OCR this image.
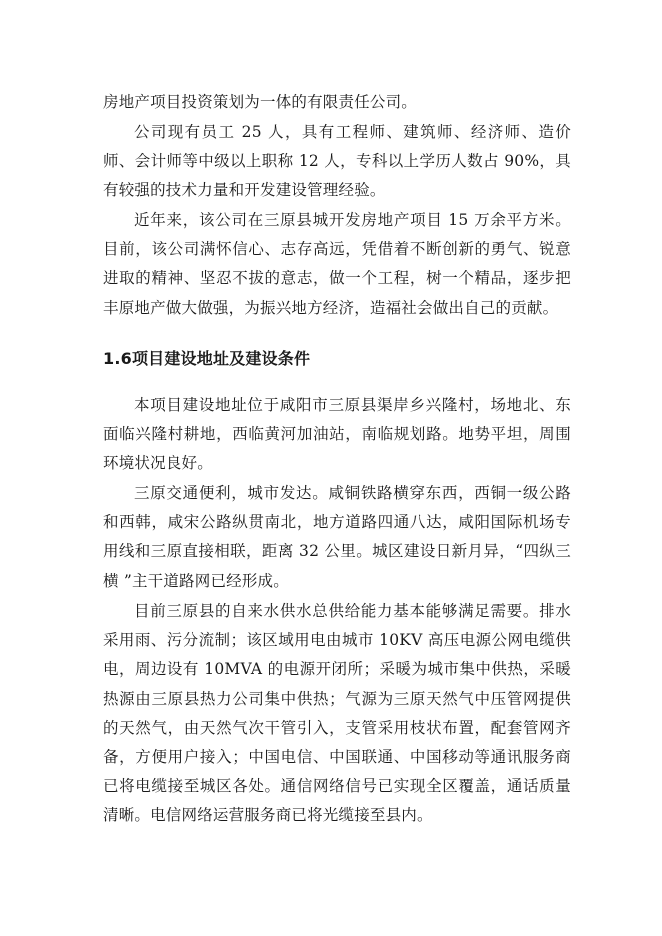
房地产项目投资策划为一体的有限责任公司。

公司现有员工 25 人，具有工程师、建筑师、经济师、造价师、会计师等中级以上职称 12 人，专科以上学历人数占 90%，具有较强的技术力量和开发建设管理经验。

近年来，该公司在三原县城开发房地产项目 15 万余平方米。目前，该公司满怀信心、志存高远，凭借着不断创新的勇气、锐意进取的精神、坚忍不拔的意志，做一个工程，树一个精品，逐步把丰原地产做大做强，为振兴地方经济，造福社会做出自己的贡献。

1.6项目建设地址及建设条件

本项目建设地址位于咸阳市三原县渠岸乡兴隆村，场地北、东面临兴隆村耕地，西临黄河加油站，南临规划路。地势平坦，周围环境状况良好。

三原交通便利，城市发达。咸铜铁路横穿东西，西铜一级公路和西韩，咸宋公路纵贯南北，地方道路四通八达，咸阳国际机场专用线和三原直接相联，距离 32 公里。城区建设日新月异，“四纵三横 ”主干道路网已经形成。

目前三原县的自来水供水总供给能力基本能够满足需要。排水采用雨、污分流制；该区域用电由城市 10KV 高压电源公网电缆供电，周边设有 10MVA 的电源开闭所；采暖为城市集中供热，采暖热源由三原县热力公司集中供热；气源为三原天然气中压管网提供的天然气，由天然气次干管引入，支管采用枝状布置，配套管网齐备，方便用户接入；中国电信、中国联通、中国移动等通讯服务商已将电缆接至城区各处。通信网络信号已实现全区覆盖，通话质量清晰。电信网络运营服务商已将光缆接至县内。
